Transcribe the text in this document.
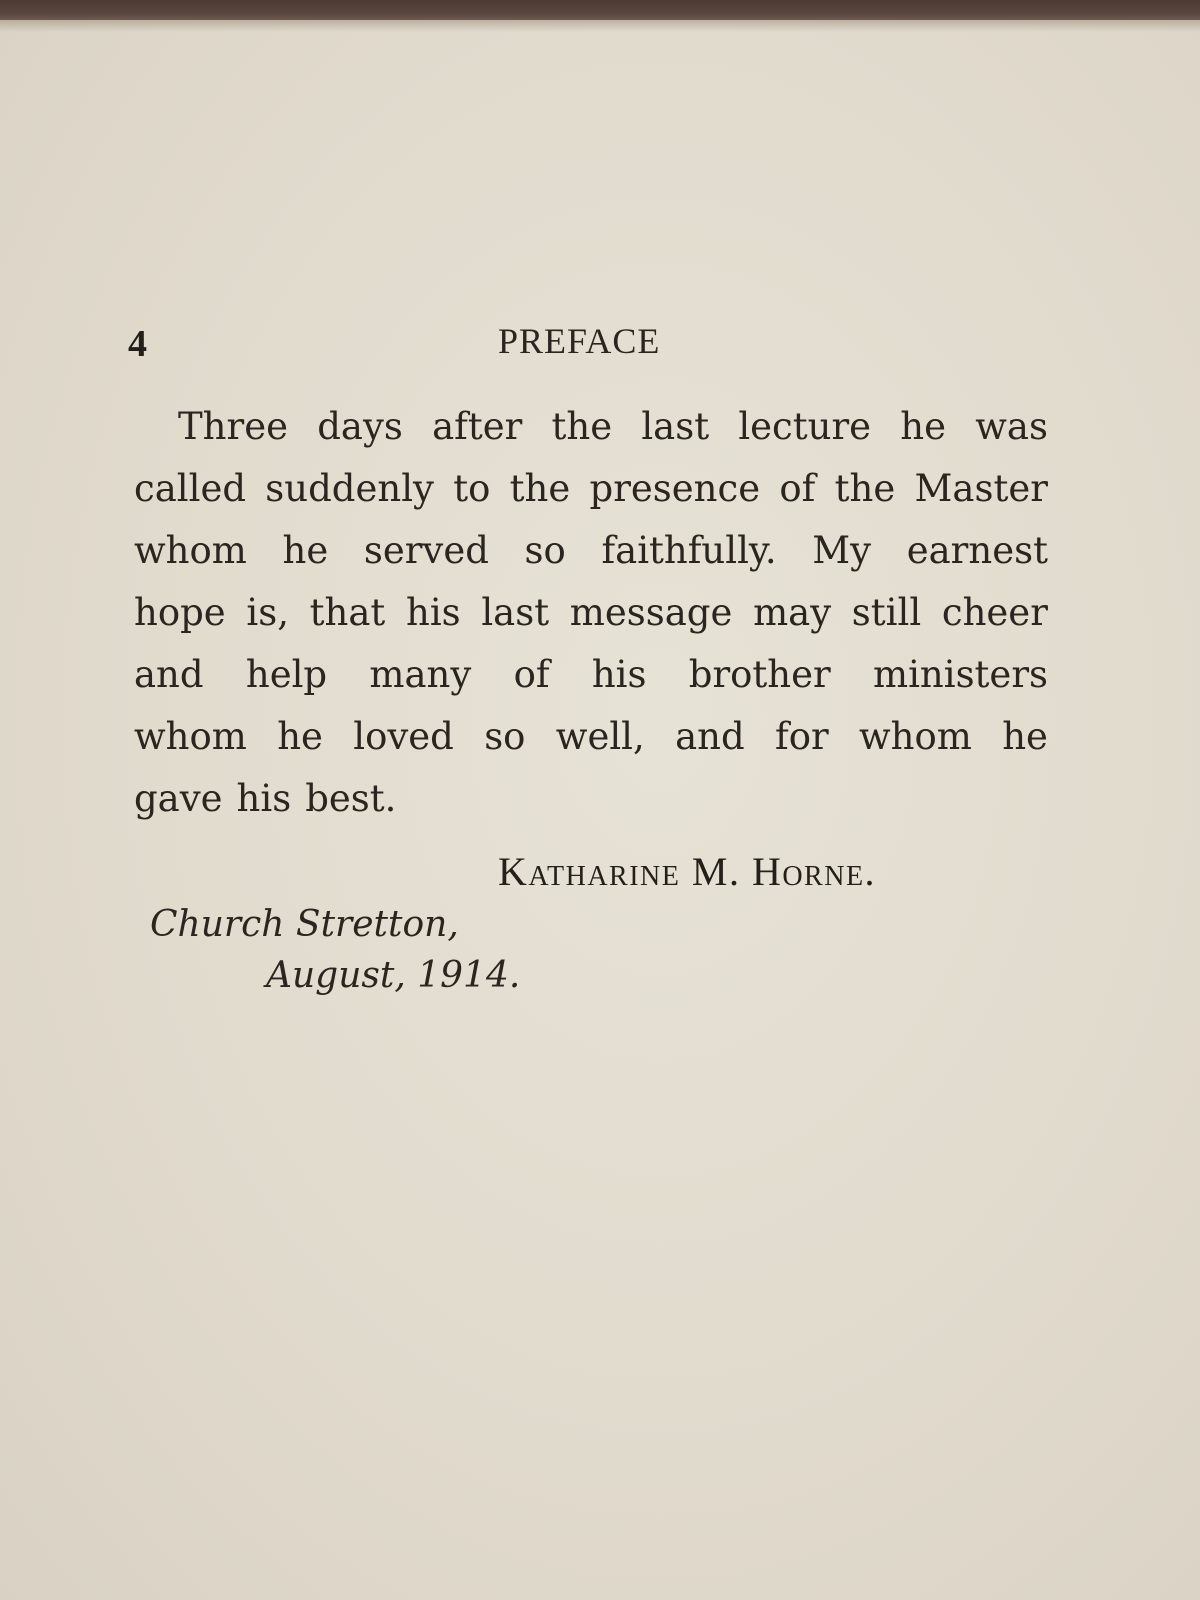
4	PREFACE
Three days after the last lecture he was
called suddenly to the presence of the Master
whom he served so faithfully. My earnest
hope is, that his last message may still cheer
and help many of his brother ministers
whom he loved so well, and for whom he
gave his best.
Katharine M. Horne.
Church Stretton,
August, 1914.
